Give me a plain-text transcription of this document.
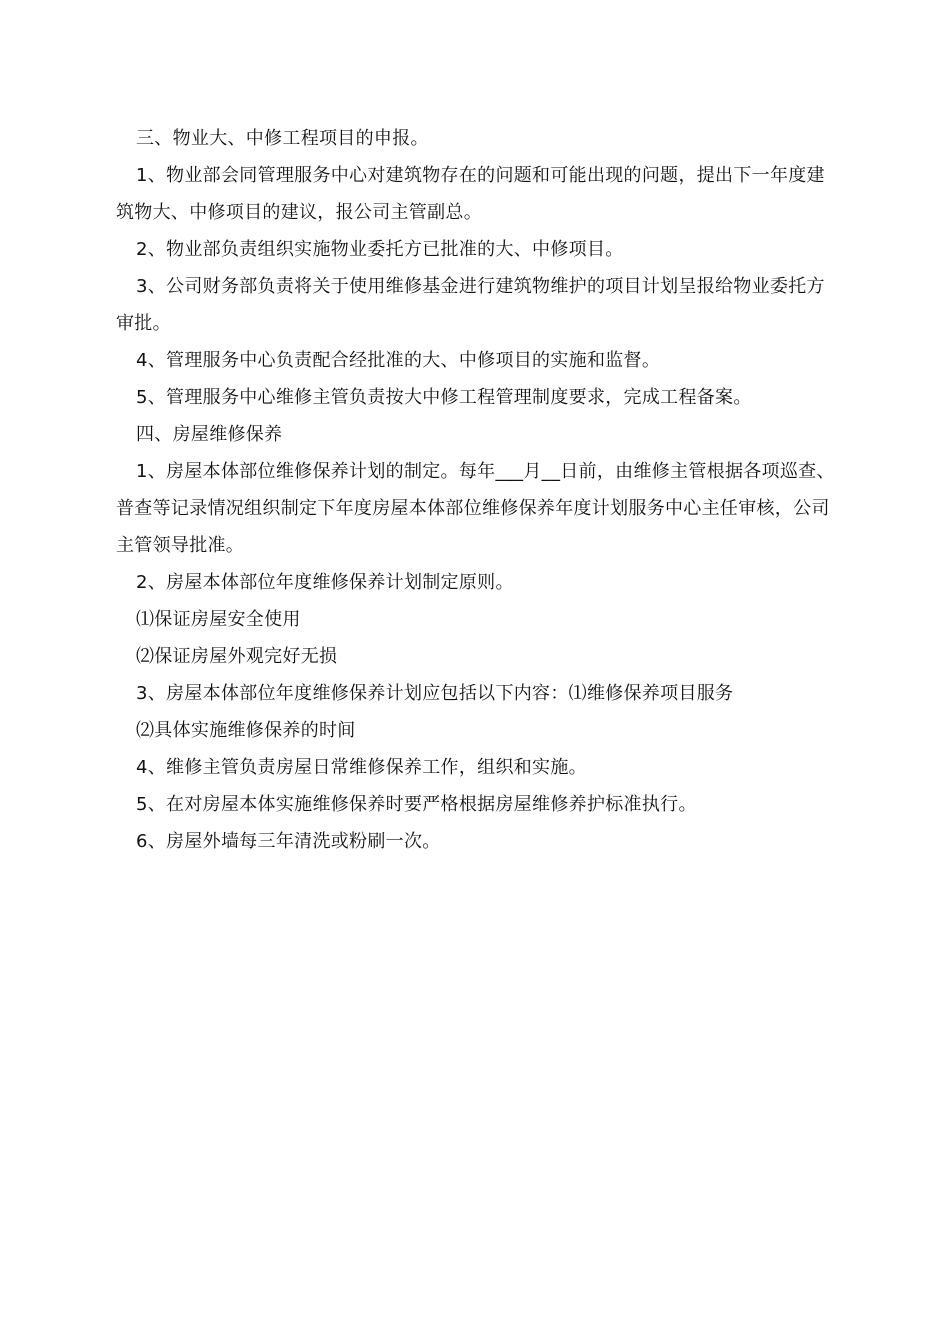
三、物业大、中修工程项目的申报。

1、物业部会同管理服务中心对建筑物存在的问题和可能出现的问题，提出下一年度建筑物大、中修项目的建议，报公司主管副总。

2、物业部负责组织实施物业委托方已批准的大、中修项目。

3、公司财务部负责将关于使用维修基金进行建筑物维护的项目计划呈报给物业委托方审批。

4、管理服务中心负责配合经批准的大、中修项目的实施和监督。

5、管理服务中心维修主管负责按大中修工程管理制度要求，完成工程备案。

四、房屋维修保养

1、房屋本体部位维修保养计划的制定。每年___月__日前，由维修主管根据各项巡查、普查等记录情况组织制定下年度房屋本体部位维修保养年度计划服务中心主任审核，公司主管领导批准。

2、房屋本体部位年度维修保养计划制定原则。

⑴保证房屋安全使用

⑵保证房屋外观完好无损

3、房屋本体部位年度维修保养计划应包括以下内容：⑴维修保养项目服务

⑵具体实施维修保养的时间

4、维修主管负责房屋日常维修保养工作，组织和实施。

5、在对房屋本体实施维修保养时要严格根据房屋维修养护标准执行。

6、房屋外墙每三年清洗或粉刷一次。
